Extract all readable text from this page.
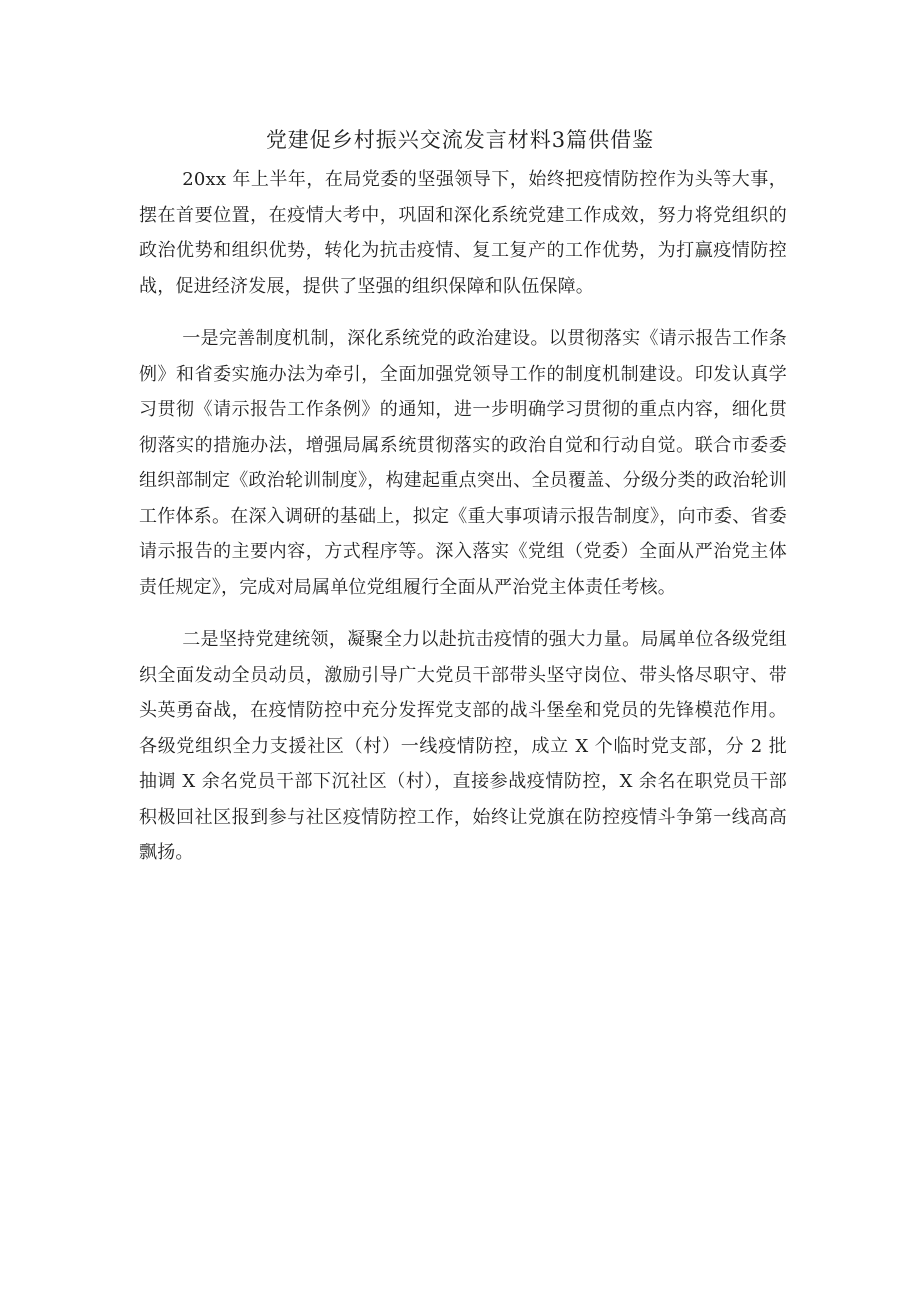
党建促乡村振兴交流发言材料3篇供借鉴

20xx 年上半年，在局党委的坚强领导下，始终把疫情防控作为头等大事，摆在首要位置，在疫情大考中，巩固和深化系统党建工作成效，努力将党组织的政治优势和组织优势，转化为抗击疫情、复工复产的工作优势，为打赢疫情防控战，促进经济发展，提供了坚强的组织保障和队伍保障。

一是完善制度机制，深化系统党的政治建设。以贯彻落实《请示报告工作条例》和省委实施办法为牵引，全面加强党领导工作的制度机制建设。印发认真学习贯彻《请示报告工作条例》的通知，进一步明确学习贯彻的重点内容，细化贯彻落实的措施办法，增强局属系统贯彻落实的政治自觉和行动自觉。联合市委委组织部制定《政治轮训制度》，构建起重点突出、全员覆盖、分级分类的政治轮训工作体系。在深入调研的基础上，拟定《重大事项请示报告制度》，向市委、省委请示报告的主要内容，方式程序等。深入落实《党组（党委）全面从严治党主体责任规定》，完成对局属单位党组履行全面从严治党主体责任考核。

二是坚持党建统领，凝聚全力以赴抗击疫情的强大力量。局属单位各级党组织全面发动全员动员，激励引导广大党员干部带头坚守岗位、带头恪尽职守、带头英勇奋战，在疫情防控中充分发挥党支部的战斗堡垒和党员的先锋模范作用。各级党组织全力支援社区（村）一线疫情防控，成立 X 个临时党支部，分 2 批抽调 X 余名党员干部下沉社区（村），直接参战疫情防控，X 余名在职党员干部积极回社区报到参与社区疫情防控工作，始终让党旗在防控疫情斗争第一线高高飘扬。
